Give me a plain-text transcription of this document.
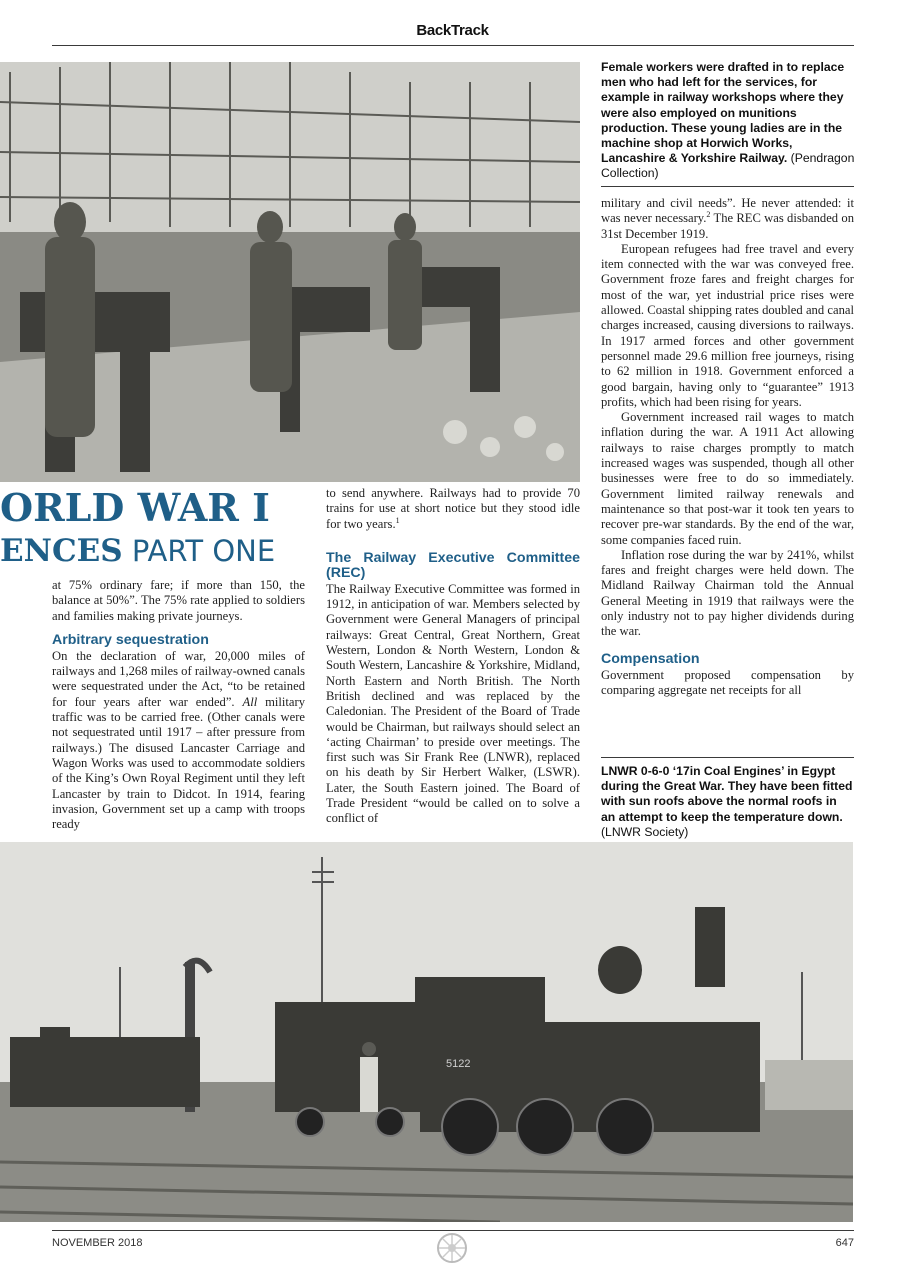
BackTrack
Female workers were drafted in to replace men who had left for the services, for example in railway workshops where they were also employed on munitions production. These young ladies are in the machine shop at Horwich Works, Lancashire & Yorkshire Railway. (Pendragon Collection)
ORLD WAR I
ENCES PART ONE

at 75% ordinary fare; if more than 150, the balance at 50%”. The 75% rate applied to soldiers and families making private journeys.

Arbitrary sequestration

On the declaration of war, 20,000 miles of railways and 1,268 miles of railway-owned canals were sequestrated under the Act, “to be retained for four years after war ended”. All military traffic was to be carried free. (Other canals were not sequestrated until 1917 – after pressure from railways.) The disused Lancaster Carriage and Wagon Works was used to accommodate soldiers of the King’s Own Royal Regiment until they left Lancaster by train to Didcot. In 1914, fearing invasion, Government set up a camp with troops ready

to send anywhere. Railways had to provide 70 trains for use at short notice but they stood idle for two years.$^1$

The Railway Executive Committee (REC)

The Railway Executive Committee was formed in 1912, in anticipation of war. Members selected by Government were General Managers of principal railways: Great Central, Great Northern, Great Western, London & North Western, London & South Western, Lancashire & Yorkshire, Midland, North Eastern and North British. The North British declined and was replaced by the Caledonian. The President of the Board of Trade would be Chairman, but railways should select an ‘acting Chairman’ to preside over meetings. The first such was Sir Frank Ree (LNWR), replaced on his death by Sir Herbert Walker, (LSWR). Later, the South Eastern joined. The Board of Trade President “would be called on to solve a conflict of

military and civil needs”. He never attended: it was never necessary.$^2$ The REC was disbanded on 31st December 1919.

European refugees had free travel and every item connected with the war was conveyed free. Government froze fares and freight charges for most of the war, yet industrial price rises were allowed. Coastal shipping rates doubled and canal charges increased, causing diversions to railways. In 1917 armed forces and other government personnel made 29.6 million free journeys, rising to 62 million in 1918. Government enforced a good bargain, having only to “guarantee” 1913 profits, which had been rising for years.

Government increased rail wages to match inflation during the war. A 1911 Act allowing railways to raise charges promptly to match increased wages was suspended, though all other businesses were free to do so immediately. Government limited railway renewals and maintenance so that post-war it took ten years to recover pre-war standards. By the end of the war, some companies faced ruin.

Inflation rose during the war by 241%, whilst fares and freight charges were held down. The Midland Railway Chairman told the Annual General Meeting in 1919 that railways were the only industry not to pay higher dividends during the war.

Compensation

Government proposed compensation by comparing aggregate net receipts for all

LNWR 0-6-0 ‘17in Coal Engines’ in Egypt during the Great War. They have been fitted with sun roofs above the normal roofs in an attempt to keep the temperature down. (LNWR Society)
5122
NOVEMBER 2018	647
